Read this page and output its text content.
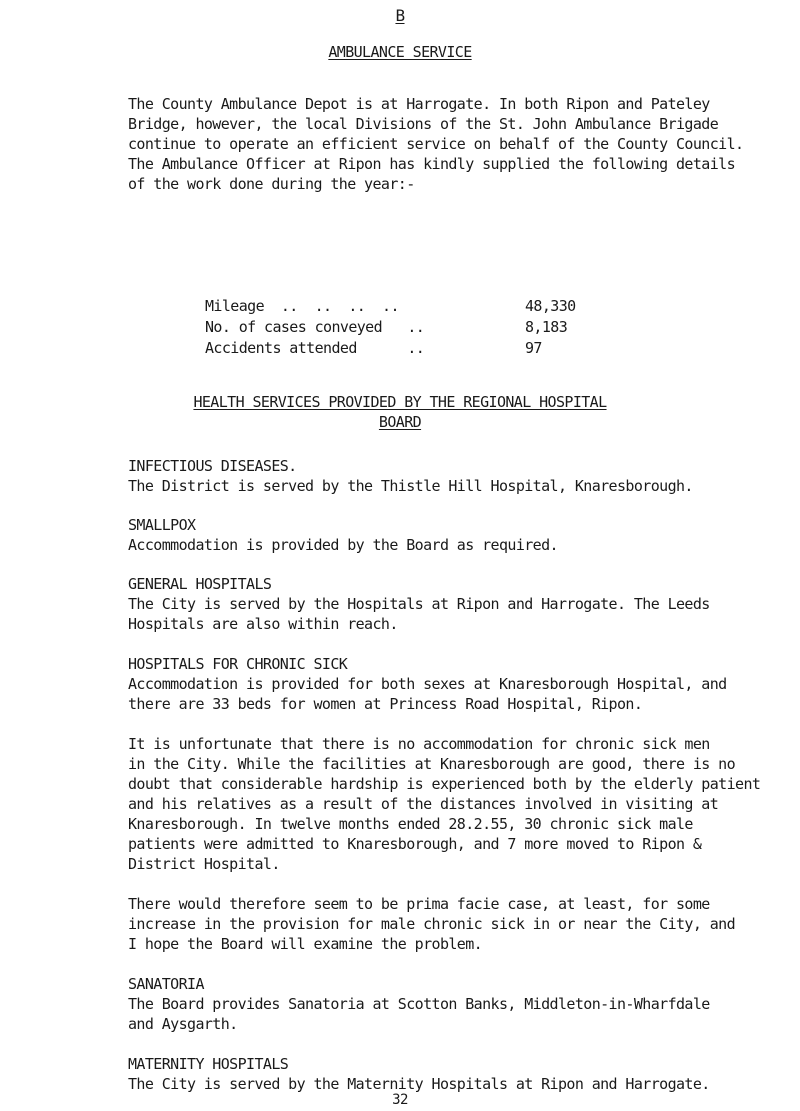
B
AMBULANCE SERVICE
The County Ambulance Depot is at Harrogate. In both Ripon and Pateley
Bridge, however, the local Divisions of the St. John Ambulance Brigade
continue to operate an efficient service on behalf of the County Council.
The Ambulance Officer at Ripon has kindly supplied the following details
of the work done during the year:-
Mileage  ..  ..  ..  ..	48,330
No. of cases conveyed   ..	8,183
Accidents attended      ..	97
HEALTH SERVICES PROVIDED BY THE REGIONAL HOSPITAL
BOARD
INFECTIOUS DISEASES.
The District is served by the Thistle Hill Hospital, Knaresborough.
SMALLPOX
Accommodation is provided by the Board as required.
GENERAL HOSPITALS
The City is served by the Hospitals at Ripon and Harrogate. The Leeds
Hospitals are also within reach.
HOSPITALS FOR CHRONIC SICK
Accommodation is provided for both sexes at Knaresborough Hospital, and
there are 33 beds for women at Princess Road Hospital, Ripon.
It is unfortunate that there is no accommodation for chronic sick men
in the City. While the facilities at Knaresborough are good, there is no
doubt that considerable hardship is experienced both by the elderly patient
and his relatives as a result of the distances involved in visiting at
Knaresborough. In twelve months ended 28.2.55, 30 chronic sick male
patients were admitted to Knaresborough, and 7 more moved to Ripon &
District Hospital.
There would therefore seem to be prima facie case, at least, for some
increase in the provision for male chronic sick in or near the City, and
I hope the Board will examine the problem.
SANATORIA
The Board provides Sanatoria at Scotton Banks, Middleton-in-Wharfdale
and Aysgarth.
MATERNITY HOSPITALS
The City is served by the Maternity Hospitals at Ripon and Harrogate.
32
